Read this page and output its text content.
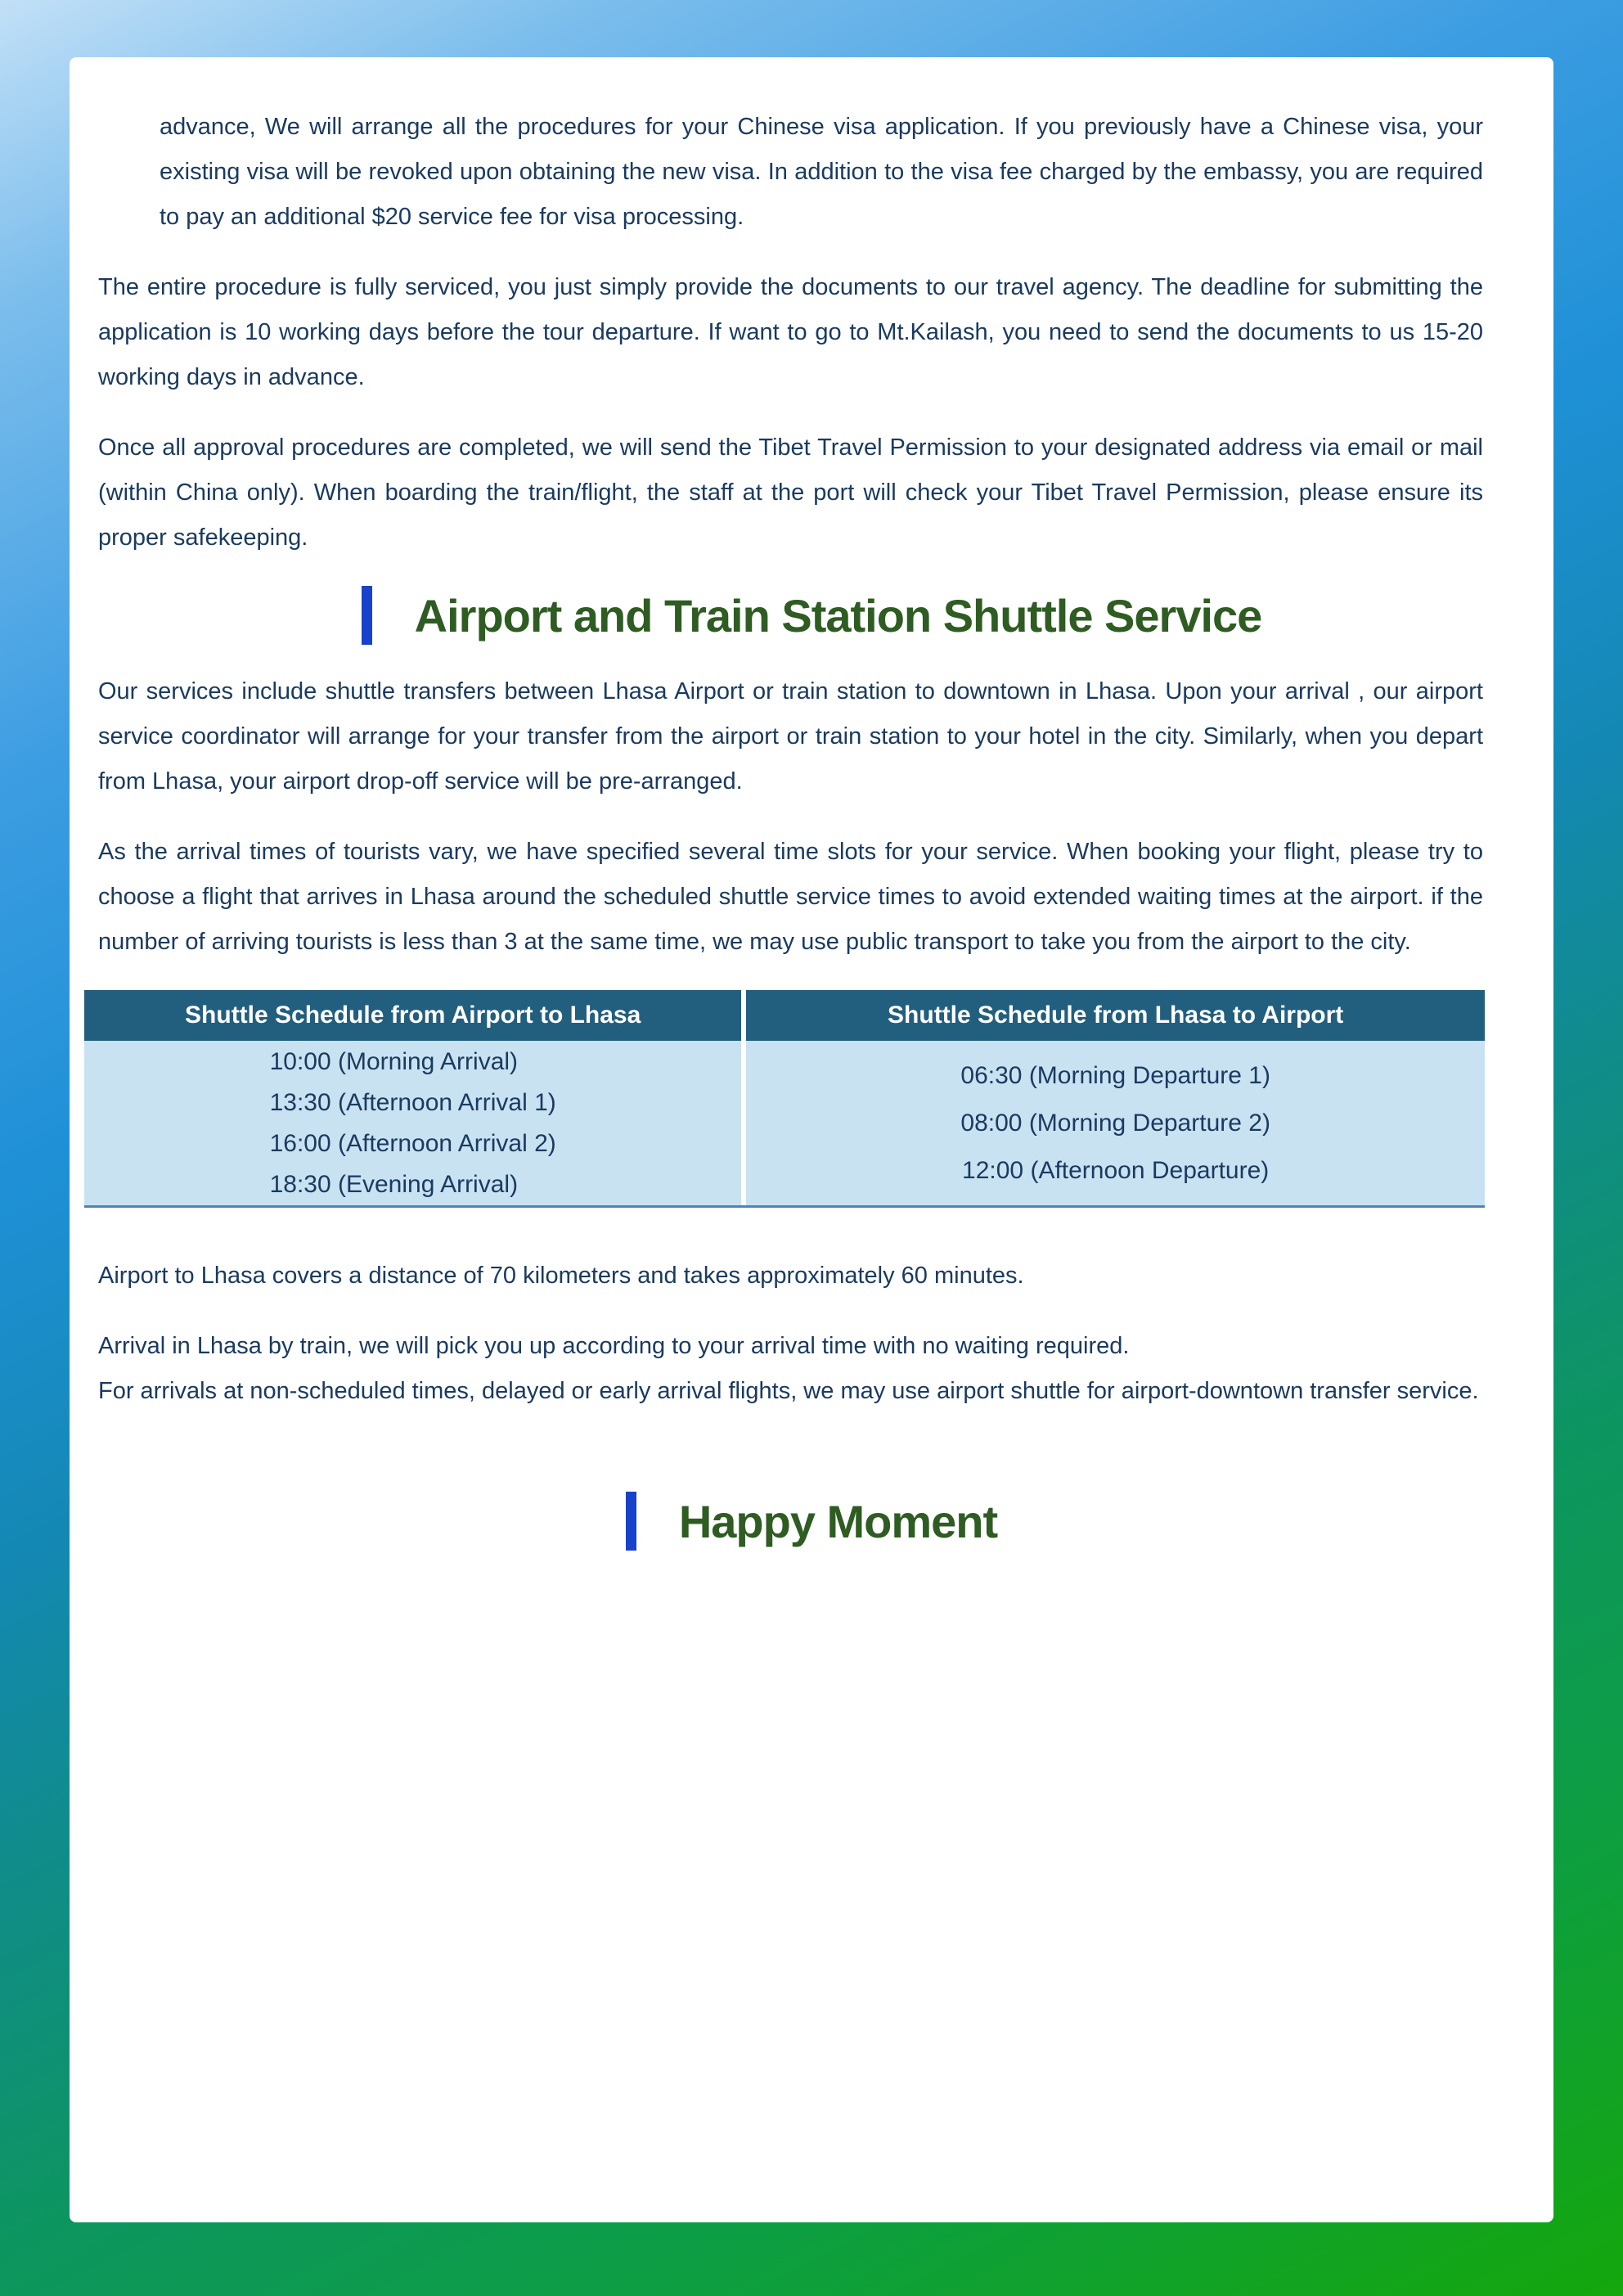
advance, We will arrange all the procedures for your Chinese visa application. If you previously have a Chinese visa, your existing visa will be revoked upon obtaining the new visa. In addition to the visa fee charged by the embassy, you are required to pay an additional $20 service fee for visa processing.

The entire procedure is fully serviced, you just simply provide the documents to our travel agency. The deadline for submitting the application is 10 working days before the tour departure. If want to go to Mt.Kailash, you need to send the documents to us 15-20 working days in advance.

Once all approval procedures are completed, we will send the Tibet Travel Permission to your designated address via email or mail (within China only). When boarding the train/flight, the staff at the port will check your Tibet Travel Permission, please ensure its proper safekeeping.

Airport and Train Station Shuttle Service

Our services include shuttle transfers between Lhasa Airport or train station to downtown in Lhasa. Upon your arrival , our airport service coordinator will arrange for your transfer from the airport or train station to your hotel in the city. Similarly, when you depart from Lhasa, your airport drop-off service will be pre-arranged.

As the arrival times of tourists vary, we have specified several time slots for your service. When booking your flight, please try to choose a flight that arrives in Lhasa around the scheduled shuttle service times to avoid extended waiting times at the airport. if the number of arriving tourists is less than 3 at the same time, we may use public transport to take you from the airport to the city.

Shuttle Schedule from Airport to Lhasa	Shuttle Schedule from Lhasa to Airport
10:00 (Morning Arrival)
13:30 (Afternoon Arrival 1)
16:00 (Afternoon Arrival 2)
18:30 (Evening Arrival)
06:30 (Morning Departure 1)
08:00 (Morning Departure 2)
12:00 (Afternoon Departure)

Airport to Lhasa covers a distance of 70 kilometers and takes approximately 60 minutes.

Arrival in Lhasa by train, we will pick you up according to your arrival time with no waiting required.
For arrivals at non-scheduled times, delayed or early arrival flights, we may use airport shuttle for airport-downtown transfer service.

Happy Moment
